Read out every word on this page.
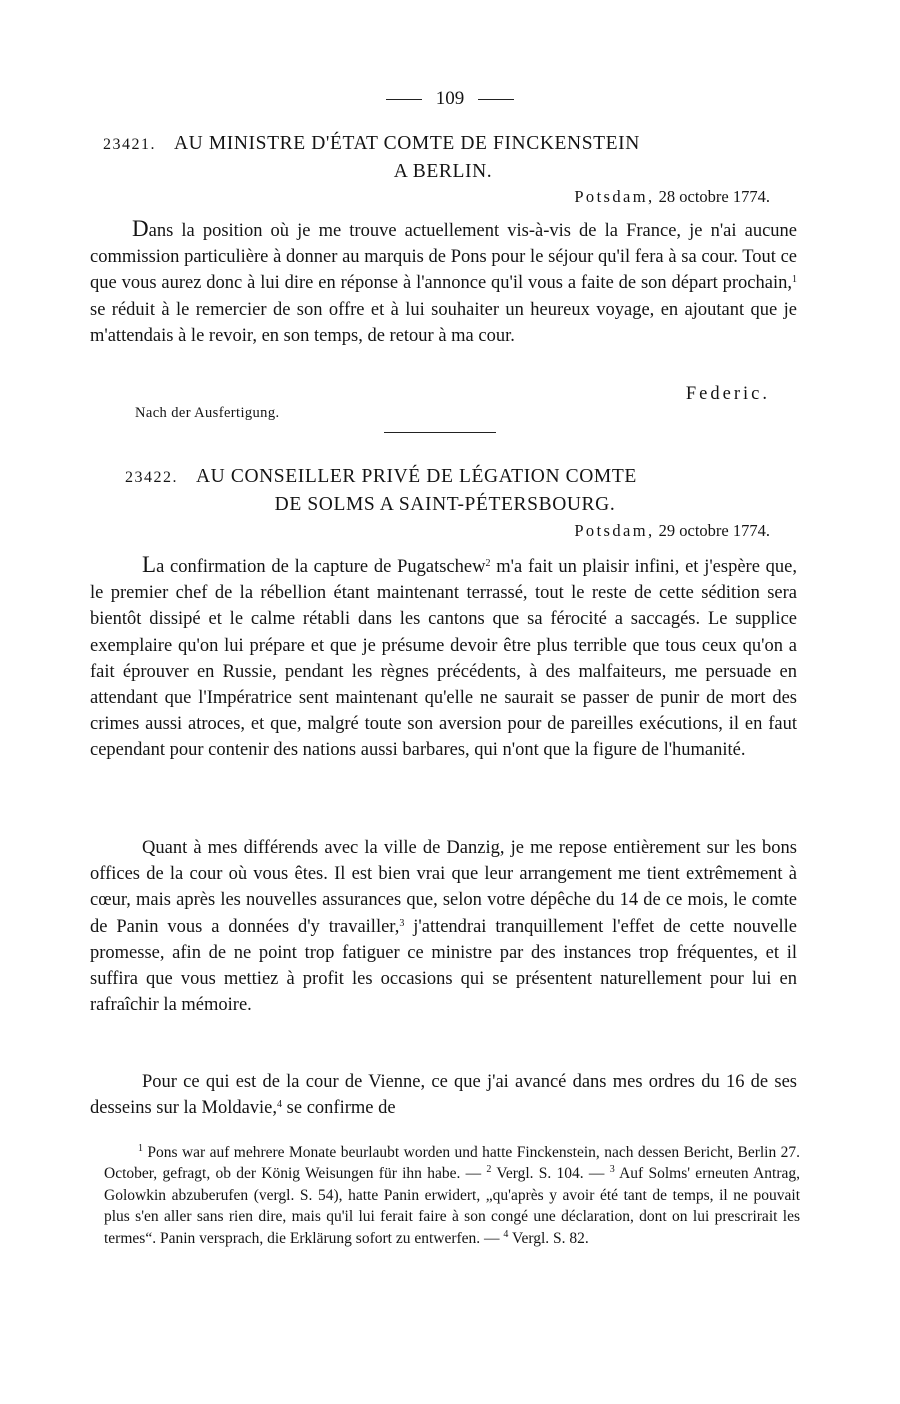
109
23421. AU MINISTRE D'ÉTAT COMTE DE FINCKENSTEIN
A BERLIN.
Potsdam, 28 octobre 1774.

Dans la position où je me trouve actuellement vis-à-vis de la France, je n'ai aucune commission particulière à donner au marquis de Pons pour le séjour qu'il fera à sa cour. Tout ce que vous aurez donc à lui dire en réponse à l'annonce qu'il vous a faite de son départ prochain,$^1$ se réduit à le remercier de son offre et à lui souhaiter un heureux voyage, en ajoutant que je m'attendais à le revoir, en son temps, de retour à ma cour.

Federic.
Nach der Ausfertigung.
23422. AU CONSEILLER PRIVÉ DE LÉGATION COMTE
DE SOLMS A SAINT-PÉTERSBOURG.
Potsdam, 29 octobre 1774.

La confirmation de la capture de Pugatschew$^2$ m'a fait un plaisir infini, et j'espère que, le premier chef de la rébellion étant maintenant terrassé, tout le reste de cette sédition sera bientôt dissipé et le calme rétabli dans les cantons que sa férocité a saccagés. Le supplice exemplaire qu'on lui prépare et que je présume devoir être plus terrible que tous ceux qu'on a fait éprouver en Russie, pendant les règnes précédents, à des malfaiteurs, me persuade en attendant que l'Impératrice sent maintenant qu'elle ne saurait se passer de punir de mort des crimes aussi atroces, et que, malgré toute son aversion pour de pareilles exécutions, il en faut cependant pour contenir des nations aussi barbares, qui n'ont que la figure de l'humanité.

Quant à mes différends avec la ville de Danzig, je me repose entièrement sur les bons offices de la cour où vous êtes. Il est bien vrai que leur arrangement me tient extrêmement à cœur, mais après les nouvelles assurances que, selon votre dépêche du 14 de ce mois, le comte de Panin vous a données d'y travailler,$^3$ j'attendrai tranquillement l'effet de cette nouvelle promesse, afin de ne point trop fatiguer ce ministre par des instances trop fréquentes, et il suffira que vous mettiez à profit les occasions qui se présentent naturellement pour lui en rafraîchir la mémoire.

Pour ce qui est de la cour de Vienne, ce que j'ai avancé dans mes ordres du 16 de ses desseins sur la Moldavie,$^4$ se confirme de

$^1$ Pons war auf mehrere Monate beurlaubt worden und hatte Finckenstein, nach dessen Bericht, Berlin 27. October, gefragt, ob der König Weisungen für ihn habe. — $^2$ Vergl. S. 104. — $^3$ Auf Solms' erneuten Antrag, Golowkin abzuberufen (vergl. S. 54), hatte Panin erwidert, „qu'après y avoir été tant de temps, il ne pouvait plus s'en aller sans rien dire, mais qu'il lui ferait faire à son congé une déclaration, dont on lui prescrirait les termes“. Panin versprach, die Erklärung sofort zu entwerfen. — $^4$ Vergl. S. 82.
